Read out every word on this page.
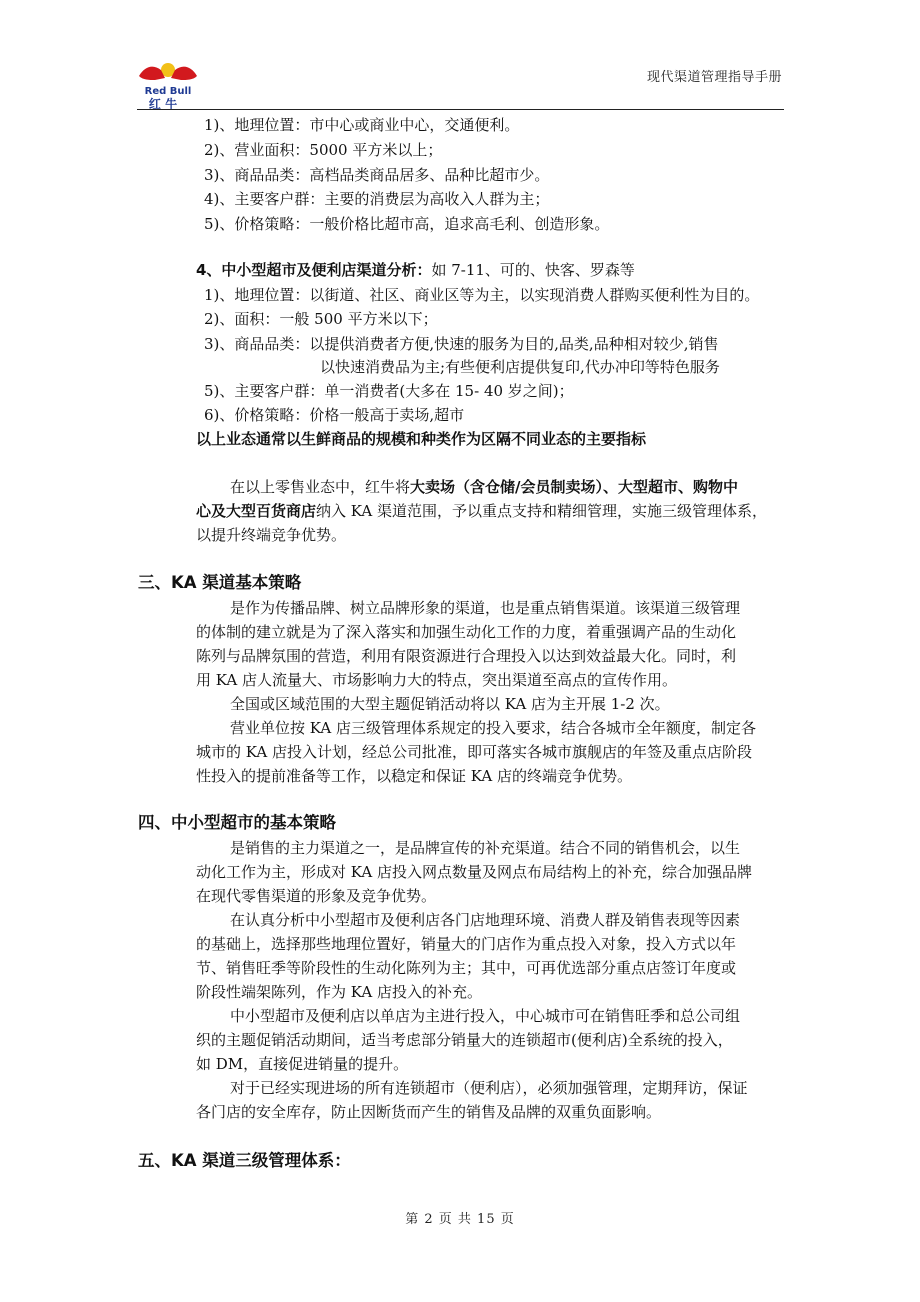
Red Bull
红 牛
现代渠道管理指导手册
1)、地理位置：市中心或商业中心，交通便利。
2)、营业面积：5000 平方米以上；
3)、商品品类：高档品类商品居多、品种比超市少。
4)、主要客户群：主要的消费层为高收入人群为主；
5)、价格策略：一般价格比超市高，追求高毛利、创造形象。
4、中小型超市及便利店渠道分析：如 7-11、可的、快客、罗森等
1)、地理位置：以街道、社区、商业区等为主，以实现消费人群购买便利性为目的。
2)、面积：一般 500 平方米以下；
3)、商品品类：以提供消费者方便,快速的服务为目的,品类,品种相对较少,销售
以快速消费品为主;有些便利店提供复印,代办冲印等特色服务
5)、主要客户群：单一消费者(大多在 15- 40 岁之间)；
6)、价格策略：价格一般高于卖场,超市
以上业态通常以生鲜商品的规模和种类作为区隔不同业态的主要指标
在以上零售业态中，红牛将大卖场（含仓储/会员制卖场）、大型超市、购物中
心及大型百货商店纳入 KA 渠道范围，予以重点支持和精细管理，实施三级管理体系，
以提升终端竞争优势。
三、KA 渠道基本策略
是作为传播品牌、树立品牌形象的渠道，也是重点销售渠道。该渠道三级管理
的体制的建立就是为了深入落实和加强生动化工作的力度，着重强调产品的生动化
陈列与品牌氛围的营造，利用有限资源进行合理投入以达到效益最大化。同时，利
用 KA 店人流量大、市场影响力大的特点，突出渠道至高点的宣传作用。
全国或区域范围的大型主题促销活动将以 KA 店为主开展 1-2 次。
营业单位按 KA 店三级管理体系规定的投入要求，结合各城市全年额度，制定各
城市的 KA 店投入计划，经总公司批准，即可落实各城市旗舰店的年签及重点店阶段
性投入的提前准备等工作，以稳定和保证 KA 店的终端竞争优势。
四、中小型超市的基本策略
是销售的主力渠道之一，是品牌宣传的补充渠道。结合不同的销售机会，以生
动化工作为主，形成对 KA 店投入网点数量及网点布局结构上的补充，综合加强品牌
在现代零售渠道的形象及竞争优势。
在认真分析中小型超市及便利店各门店地理环境、消费人群及销售表现等因素
的基础上，选择那些地理位置好，销量大的门店作为重点投入对象，投入方式以年
节、销售旺季等阶段性的生动化陈列为主；其中，可再优选部分重点店签订年度或
阶段性端架陈列，作为 KA 店投入的补充。
中小型超市及便利店以单店为主进行投入，中心城市可在销售旺季和总公司组
织的主题促销活动期间，适当考虑部分销量大的连锁超市(便利店)全系统的投入，
如 DM，直接促进销量的提升。
对于已经实现进场的所有连锁超市（便利店），必须加强管理，定期拜访，保证
各门店的安全库存，防止因断货而产生的销售及品牌的双重负面影响。
五、KA 渠道三级管理体系：
第 2 页 共 15 页
